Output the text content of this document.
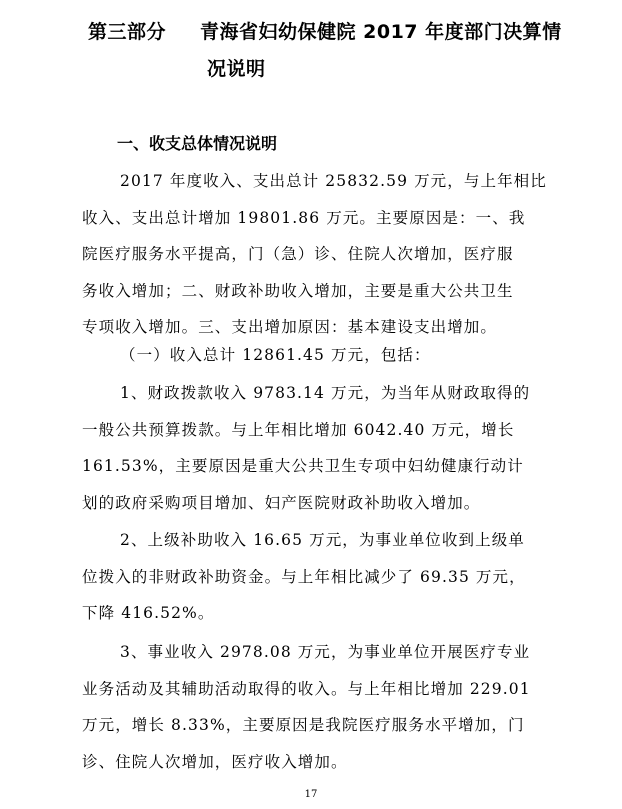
第三部分 青海省妇幼保健院 2017 年度部门决算情
况说明
一、收支总体情况说明
2017 年度收入、支出总计 25832.59 万元，与上年相比
收入、支出总计增加 19801.86 万元。主要原因是：一、我
院医疗服务水平提高，门（急）诊、住院人次增加，医疗服
务收入增加；二、财政补助收入增加，主要是重大公共卫生
专项收入增加。三、支出增加原因：基本建设支出增加。
（一）收入总计 12861.45 万元，包括：
1、财政拨款收入 9783.14 万元，为当年从财政取得的
一般公共预算拨款。与上年相比增加 6042.40 万元，增长
161.53%，主要原因是重大公共卫生专项中妇幼健康行动计
划的政府采购项目增加、妇产医院财政补助收入增加。
2、上级补助收入 16.65 万元，为事业单位收到上级单
位拨入的非财政补助资金。与上年相比减少了 69.35 万元，
下降 416.52%。
3、事业收入 2978.08 万元，为事业单位开展医疗专业
业务活动及其辅助活动取得的收入。与上年相比增加 229.01
万元，增长 8.33%，主要原因是我院医疗服务水平增加，门
诊、住院人次增加，医疗收入增加。
17
